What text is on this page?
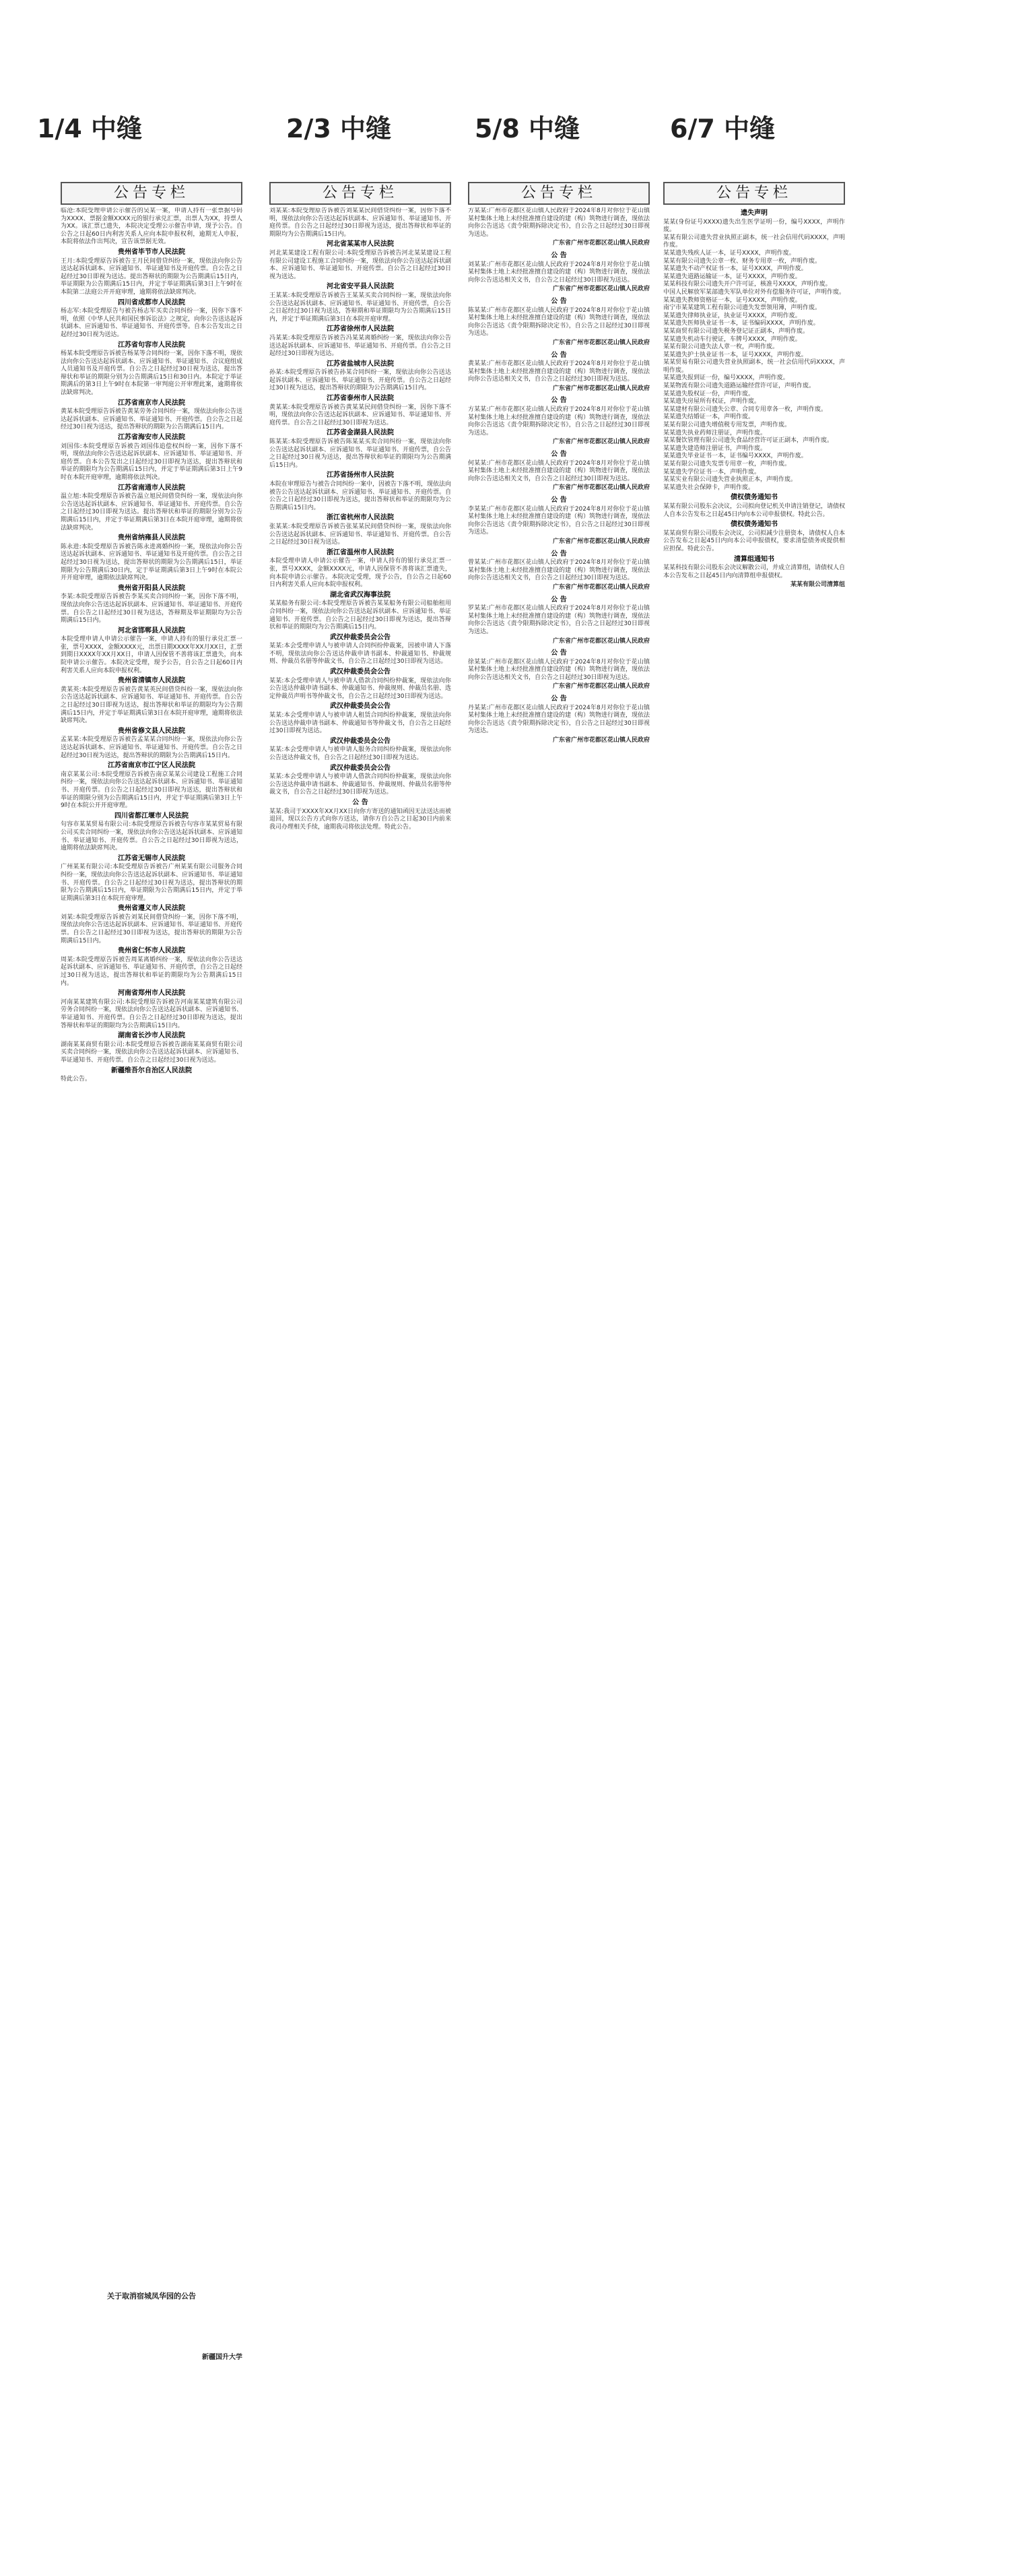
1/4 中缝
公告专栏
临沧:本院受理申请公示催告的吴某一案，申请人持有一张票据号码为XXXX、票据金额XXXX元的银行承兑汇票，出票人为XX，持票人为XX。该汇票已遗失，本院决定受理公示催告申请，现予公告。自公告之日起60日内利害关系人应向本院申报权利，逾期无人申报，本院将依法作出判决，宣告该票据无效。
贵州省毕节市人民法院
王月:本院受理原告诉被告王月民间借贷纠纷一案，现依法向你公告送达起诉状副本、应诉通知书、举证通知书及开庭传票。自公告之日起经过30日即视为送达。提出答辩状的期限为公告期满后15日内，举证期限为公告期满后15日内，并定于举证期满后第3日上午9时在本院第二法庭公开开庭审理，逾期将依法缺席判决。
四川省成都市人民法院
杨志军:本院受理原告与被告杨志军买卖合同纠纷一案，因你下落不明，依照《中华人民共和国民事诉讼法》之规定，向你公告送达起诉状副本、应诉通知书、举证通知书、开庭传票等。自本公告发出之日起经过30日视为送达。
江苏省句容市人民法院
杨某本院受理原告诉被告杨某等合同纠纷一案，因你下落不明，现依法向你公告送达起诉状副本、应诉通知书、举证通知书、合议庭组成人员通知书及开庭传票。自公告之日起经过30日视为送达，提出答辩状和举证的期限分别为公告期满后15日和30日内。本院定于举证期满后的第3日上午9时在本院第一审判庭公开审理此案，逾期将依法缺席判决。
江苏省南京市人民法院
黄某本院受理原告诉被告黄某劳务合同纠纷一案，现依法向你公告送达起诉状副本、应诉通知书、举证通知书、开庭传票。自公告之日起经过30日视为送达，提出答辩状的期限为公告期满后15日内。
江苏省海安市人民法院
刘国伟:本院受理原告诉被告刘国伟追偿权纠纷一案，因你下落不明，现依法向你公告送达起诉状副本、应诉通知书、举证通知书、开庭传票。自本公告发出之日起经过30日即视为送达，提出答辩状和举证的期限均为公告期满后15日内，并定于举证期满后第3日上午9时在本院开庭审理，逾期将依法判决。
江苏省南通市人民法院
温立旭:本院受理原告诉被告温立旭民间借贷纠纷一案，现依法向你公告送达起诉状副本、应诉通知书、举证通知书、开庭传票。自公告之日起经过30日即视为送达。提出答辩状和举证的期限分别为公告期满后15日内，并定于举证期满后第3日在本院开庭审理，逾期将依法缺席判决。
贵州省纳雍县人民法院
陈永进:本院受理原告诉被告陈永进离婚纠纷一案，现依法向你公告送达起诉状副本、应诉通知书、举证通知书及开庭传票。自公告之日起经过30日视为送达，提出答辩状的期限为公告期满后15日，举证期限为公告期满后30日内，定于举证期满后第3日上午9时在本院公开开庭审理，逾期依法缺席判决。
贵州省开阳县人民法院
李某:本院受理原告诉被告李某买卖合同纠纷一案，因你下落不明，现依法向你公告送达起诉状副本、应诉通知书、举证通知书、开庭传票。自公告之日起经过30日视为送达，答辩期及举证期限均为公告期满后15日内。
河北省邯郸县人民法院
本院受理申请人申请公示催告一案，申请人持有的银行承兑汇票一张，票号XXXX，金额XXXX元，出票日期XXXX年XX月XX日，汇票到期日XXXX年XX月XX日，申请人因保管不善将该汇票遗失，向本院申请公示催告。本院决定受理，现予公告，自公告之日起60日内利害关系人应向本院申报权利。
贵州省清镇市人民法院
黄某英:本院受理原告诉被告黄某英民间借贷纠纷一案，现依法向你公告送达起诉状副本、应诉通知书、举证通知书、开庭传票。自公告之日起经过30日即视为送达，提出答辩状和举证的期限均为公告期满后15日内，并定于举证期满后第3日在本院开庭审理，逾期将依法缺席判决。
贵州省修文县人民法院
孟某某:本院受理原告诉被告孟某某合同纠纷一案，现依法向你公告送达起诉状副本、应诉通知书、举证通知书、开庭传票。自公告之日起经过30日视为送达，提出答辩状的期限为公告期满后15日内。
江苏省南京市江宁区人民法院
南京某某公司:本院受理原告诉被告南京某某公司建设工程施工合同纠纷一案，现依法向你公告送达起诉状副本、应诉通知书、举证通知书、开庭传票。自公告之日起经过30日即视为送达，提出答辩状和举证的期限分别为公告期满后15日内，并定于举证期满后第3日上午9时在本院公开开庭审理。
四川省都江堰市人民法院
句容市某某贸易有限公司:本院受理原告诉被告句容市某某贸易有限公司买卖合同纠纷一案，现依法向你公告送达起诉状副本、应诉通知书、举证通知书、开庭传票。自公告之日起经过30日即视为送达，逾期将依法缺席判决。
江苏省无锡市人民法院
广州某某有限公司:本院受理原告诉被告广州某某有限公司服务合同纠纷一案，现依法向你公告送达起诉状副本、应诉通知书、举证通知书、开庭传票。自公告之日起经过30日视为送达，提出答辩状的期限为公告期满后15日内，举证期限为公告期满后15日内，并定于举证期满后第3日在本院开庭审理。
贵州省遵义市人民法院
刘某:本院受理原告诉被告刘某民间借贷纠纷一案，因你下落不明，现依法向你公告送达起诉状副本、应诉通知书、举证通知书、开庭传票。自公告之日起经过30日即视为送达，提出答辩状的期限为公告期满后15日内。
贵州省仁怀市人民法院
周某:本院受理原告诉被告周某离婚纠纷一案，现依法向你公告送达起诉状副本、应诉通知书、举证通知书、开庭传票，自公告之日起经过30日视为送达，提出答辩状和举证的期限均为公告期满后15日内。
河南省郑州市人民法院
河南某某建筑有限公司:本院受理原告诉被告河南某某建筑有限公司劳务合同纠纷一案，现依法向你公告送达起诉状副本、应诉通知书、举证通知书、开庭传票。自公告之日起经过30日即视为送达，提出答辩状和举证的期限均为公告期满后15日内。
湖南省长沙市人民法院
湖南某某商贸有限公司:本院受理原告诉被告湖南某某商贸有限公司买卖合同纠纷一案，现依法向你公告送达起诉状副本、应诉通知书、举证通知书、开庭传票。自公告之日起经过30日视为送达。
新疆维吾尔自治区人民法院
特此公告。
关于取消宿城凤华园的公告
新疆国升大学
2/3 中缝
公告专栏
刘某某:本院受理原告诉被告刘某某民间借贷纠纷一案，因你下落不明，现依法向你公告送达起诉状副本、应诉通知书、举证通知书、开庭传票。自公告之日起经过30日即视为送达，提出答辩状和举证的期限均为公告期满后15日内。
河北省某某市人民法院
河北某某建设工程有限公司:本院受理原告诉被告河北某某建设工程有限公司建设工程施工合同纠纷一案，现依法向你公告送达起诉状副本、应诉通知书、举证通知书、开庭传票。自公告之日起经过30日视为送达。
河北省安平县人民法院
王某某:本院受理原告诉被告王某某买卖合同纠纷一案，现依法向你公告送达起诉状副本、应诉通知书、举证通知书、开庭传票，自公告之日起经过30日视为送达，答辩期和举证期限均为公告期满后15日内，并定于举证期满后第3日在本院开庭审理。
江苏省徐州市人民法院
冯某某:本院受理原告诉被告冯某某离婚纠纷一案，现依法向你公告送达起诉状副本、应诉通知书、举证通知书、开庭传票。自公告之日起经过30日即视为送达。
江苏省盐城市人民法院
孙某:本院受理原告诉被告孙某合同纠纷一案，现依法向你公告送达起诉状副本、应诉通知书、举证通知书、开庭传票。自公告之日起经过30日视为送达，提出答辩状的期限为公告期满后15日内。
江苏省泰州市人民法院
黄某某:本院受理原告诉被告黄某某民间借贷纠纷一案，因你下落不明，现依法向你公告送达起诉状副本、应诉通知书、举证通知书、开庭传票。自公告之日起经过30日即视为送达。
江苏省金湖县人民法院
陈某某:本院受理原告诉被告陈某某买卖合同纠纷一案，现依法向你公告送达起诉状副本、应诉通知书、举证通知书、开庭传票，自公告之日起经过30日视为送达，提出答辩状和举证的期限均为公告期满后15日内。
江苏省扬州市人民法院
本院在审理原告与被告合同纠纷一案中，因被告下落不明，现依法向被告公告送达起诉状副本、应诉通知书、举证通知书、开庭传票。自公告之日起经过30日即视为送达，提出答辩状和举证的期限均为公告期满后15日内。
浙江省杭州市人民法院
张某某:本院受理原告诉被告张某某民间借贷纠纷一案，现依法向你公告送达起诉状副本、应诉通知书、举证通知书、开庭传票。自公告之日起经过30日视为送达。
浙江省温州市人民法院
本院受理申请人申请公示催告一案，申请人持有的银行承兑汇票一张，票号XXXX，金额XXXX元，申请人因保管不善将该汇票遗失，向本院申请公示催告。本院决定受理，现予公告，自公告之日起60日内利害关系人应向本院申报权利。
湖北省武汉海事法院
某某船务有限公司:本院受理原告诉被告某某船务有限公司船舶租用合同纠纷一案，现依法向你公告送达起诉状副本、应诉通知书、举证通知书、开庭传票。自公告之日起经过30日即视为送达，提出答辩状和举证的期限均为公告期满后15日内。
武汉仲裁委员会公告
某某:本会受理申请人与被申请人合同纠纷仲裁案，因被申请人下落不明，现依法向你公告送达仲裁申请书副本、仲裁通知书、仲裁规则、仲裁员名册等仲裁文书，自公告之日起经过30日即视为送达。
武汉仲裁委员会公告
某某:本会受理申请人与被申请人借款合同纠纷仲裁案，现依法向你公告送达仲裁申请书副本、仲裁通知书、仲裁规则、仲裁员名册、选定仲裁员声明书等仲裁文书，自公告之日起经过30日即视为送达。
武汉仲裁委员会公告
某某:本会受理申请人与被申请人租赁合同纠纷仲裁案，现依法向你公告送达仲裁申请书副本、仲裁通知书等仲裁文书，自公告之日起经过30日即视为送达。
武汉仲裁委员会公告
某某:本会受理申请人与被申请人服务合同纠纷仲裁案，现依法向你公告送达仲裁文书，自公告之日起经过30日即视为送达。
武汉仲裁委员会公告
某某:本会受理申请人与被申请人借款合同纠纷仲裁案，现依法向你公告送达仲裁申请书副本、仲裁通知书、仲裁规则、仲裁员名册等仲裁文书，自公告之日起经过30日即视为送达。
公 告
某某:我司于XXXX年XX月XX日向你方寄送的通知函因无法送达而被退回，现以公告方式向你方送达，请你方自公告之日起30日内前来我司办理相关手续，逾期我司将依法处理。特此公告。
5/8 中缝
公告专栏
方某某:广州市花都区花山镇人民政府于2024年8月对你位于花山镇某村集体土地上未经批准擅自建设的建（构）筑物进行调查，现依法向你公告送达《责令限期拆除决定书》，自公告之日起经过30日即视为送达。
广东省广州市花都区花山镇人民政府
公 告
刘某某:广州市花都区花山镇人民政府于2024年8月对你位于花山镇某村集体土地上未经批准擅自建设的建（构）筑物进行调查，现依法向你公告送达相关文书，自公告之日起经过30日即视为送达。
广东省广州市花都区花山镇人民政府
公 告
陈某某:广州市花都区花山镇人民政府于2024年8月对你位于花山镇某村集体土地上未经批准擅自建设的建（构）筑物进行调查，现依法向你公告送达《责令限期拆除决定书》，自公告之日起经过30日即视为送达。
广东省广州市花都区花山镇人民政府
公 告
黄某某:广州市花都区花山镇人民政府于2024年8月对你位于花山镇某村集体土地上未经批准擅自建设的建（构）筑物进行调查，现依法向你公告送达相关文书，自公告之日起经过30日即视为送达。
广东省广州市花都区花山镇人民政府
公 告
方某某:广州市花都区花山镇人民政府于2024年8月对你位于花山镇某村集体土地上未经批准擅自建设的建（构）筑物进行调查，现依法向你公告送达《责令限期拆除决定书》，自公告之日起经过30日即视为送达。
广东省广州市花都区花山镇人民政府
公 告
何某某:广州市花都区花山镇人民政府于2024年8月对你位于花山镇某村集体土地上未经批准擅自建设的建（构）筑物进行调查，现依法向你公告送达相关文书，自公告之日起经过30日即视为送达。
广东省广州市花都区花山镇人民政府
公 告
李某某:广州市花都区花山镇人民政府于2024年8月对你位于花山镇某村集体土地上未经批准擅自建设的建（构）筑物进行调查，现依法向你公告送达《责令限期拆除决定书》，自公告之日起经过30日即视为送达。
广东省广州市花都区花山镇人民政府
公 告
曾某某:广州市花都区花山镇人民政府于2024年8月对你位于花山镇某村集体土地上未经批准擅自建设的建（构）筑物进行调查，现依法向你公告送达相关文书，自公告之日起经过30日即视为送达。
广东省广州市花都区花山镇人民政府
公 告
罗某某:广州市花都区花山镇人民政府于2024年8月对你位于花山镇某村集体土地上未经批准擅自建设的建（构）筑物进行调查，现依法向你公告送达《责令限期拆除决定书》，自公告之日起经过30日即视为送达。
广东省广州市花都区花山镇人民政府
公 告
徐某某:广州市花都区花山镇人民政府于2024年8月对你位于花山镇某村集体土地上未经批准擅自建设的建（构）筑物进行调查，现依法向你公告送达相关文书，自公告之日起经过30日即视为送达。
广东省广州市花都区花山镇人民政府
公 告
丹某某:广州市花都区花山镇人民政府于2024年8月对你位于花山镇某村集体土地上未经批准擅自建设的建（构）筑物进行调查，现依法向你公告送达《责令限期拆除决定书》，自公告之日起经过30日即视为送达。
广东省广州市花都区花山镇人民政府
6/7 中缝
公告专栏
遗失声明
某某(身份证号XXXX)遗失出生医学证明一份，编号XXXX，声明作废。
某某有限公司遗失营业执照正副本，统一社会信用代码XXXX，声明作废。
某某遗失残疾人证一本，证号XXXX，声明作废。
某某有限公司遗失公章一枚、财务专用章一枚，声明作废。
某某遗失不动产权证书一本，证号XXXX，声明作废。
某某遗失道路运输证一本，证号XXXX，声明作废。
某某科技有限公司遗失开户许可证，核准号XXXX，声明作废。
中国人民解放军某部遗失军队单位对外有偿服务许可证，声明作废。
某某遗失教师资格证一本，证号XXXX，声明作废。
南宁市某某建筑工程有限公司遗失发票领用簿，声明作废。
某某遗失律师执业证，执业证号XXXX，声明作废。
某某遗失医师执业证书一本，证书编码XXXX，声明作废。
某某商贸有限公司遗失税务登记证正副本，声明作废。
某某遗失机动车行驶证，车牌号XXXX，声明作废。
某某有限公司遗失法人章一枚，声明作废。
某某遗失护士执业证书一本，证号XXXX，声明作废。
某某贸易有限公司遗失营业执照副本，统一社会信用代码XXXX，声明作废。
某某遗失报到证一份，编号XXXX，声明作废。
某某物流有限公司遗失道路运输经营许可证，声明作废。
某某遗失股权证一份，声明作废。
某某遗失房屋所有权证，声明作废。
某某建材有限公司遗失公章、合同专用章各一枚，声明作废。
某某遗失结婚证一本，声明作废。
某某有限公司遗失增值税专用发票，声明作废。
某某遗失执业药师注册证，声明作废。
某某餐饮管理有限公司遗失食品经营许可证正副本，声明作废。
某某遗失建造师注册证书，声明作废。
某某遗失毕业证书一本，证书编号XXXX，声明作废。
某某有限公司遗失发票专用章一枚，声明作废。
某某遗失学位证书一本，声明作废。
某某实业有限公司遗失营业执照正本，声明作废。
某某遗失社会保障卡，声明作废。
债权债务通知书
某某有限公司股东会决议，公司拟向登记机关申请注销登记，请债权人自本公告发布之日起45日内向本公司申报债权。特此公告。
债权债务通知书
某某商贸有限公司股东会决议，公司拟减少注册资本，请债权人自本公告发布之日起45日内向本公司申报债权，要求清偿债务或提供相应担保。特此公告。
清算组通知书
某某科技有限公司股东会决议解散公司，并成立清算组，请债权人自本公告发布之日起45日内向清算组申报债权。
某某有限公司清算组
